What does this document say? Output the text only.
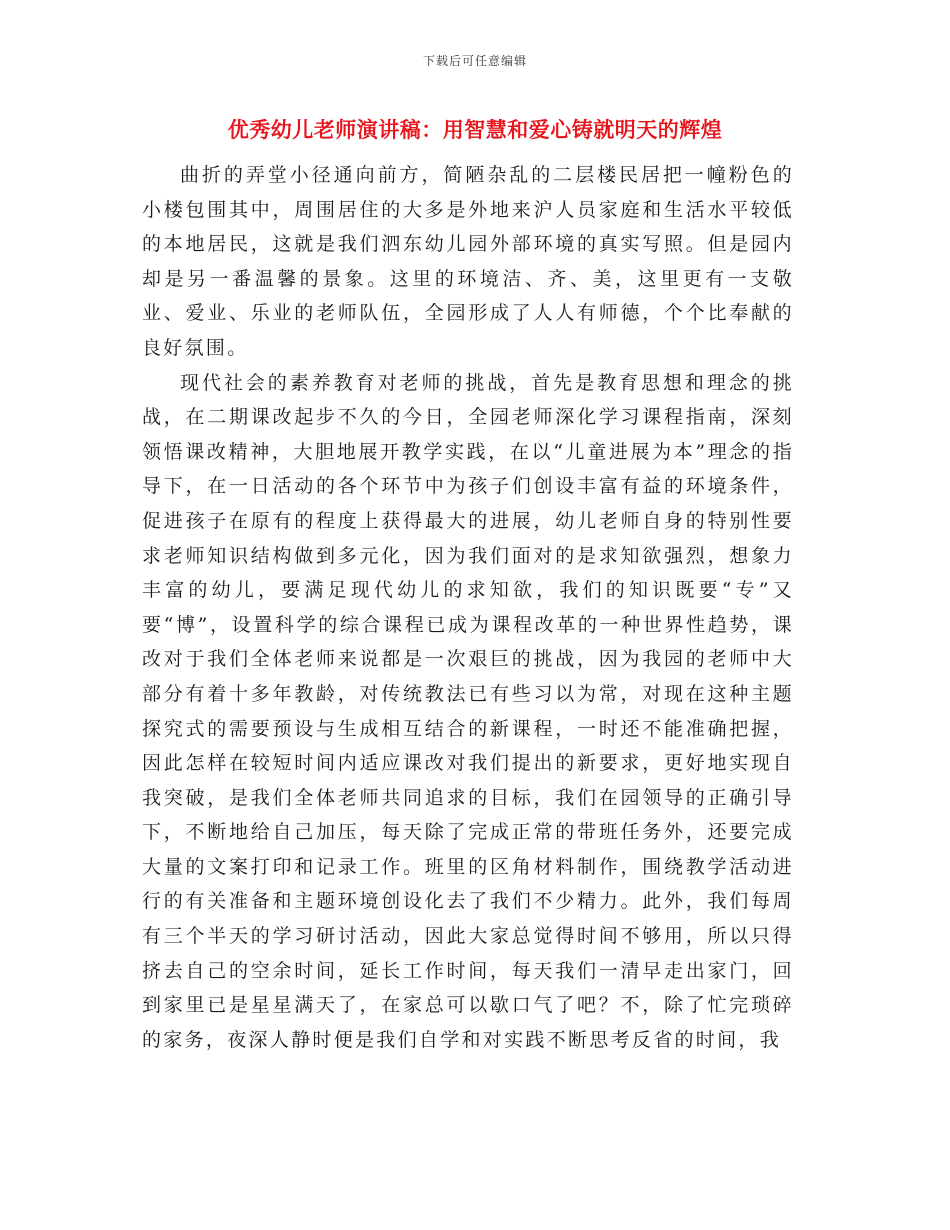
下载后可任意编辑
优秀幼儿老师演讲稿：用智慧和爱心铸就明天的辉煌

曲折的弄堂小径通向前方，简陋杂乱的二层楼民居把一幢粉色的小楼包围其中，周围居住的大多是外地来沪人员家庭和生活水平较低的本地居民，这就是我们泗东幼儿园外部环境的真实写照。但是园内却是另一番温馨的景象。这里的环境洁、齐、美，这里更有一支敬业、爱业、乐业的老师队伍，全园形成了人人有师德，个个比奉献的良好氛围。

现代社会的素养教育对老师的挑战，首先是教育思想和理念的挑战，在二期课改起步不久的今日，全园老师深化学习课程指南，深刻领悟课改精神，大胆地展开教学实践，在以“儿童进展为本”理念的指导下，在一日活动的各个环节中为孩子们创设丰富有益的环境条件，促进孩子在原有的程度上获得最大的进展，幼儿老师自身的特别性要求老师知识结构做到多元化，因为我们面对的是求知欲强烈，想象力丰富的幼儿，要满足现代幼儿的求知欲，我们的知识既要“专”又要“博”，设置科学的综合课程已成为课程改革的一种世界性趋势，课改对于我们全体老师来说都是一次艰巨的挑战，因为我园的老师中大部分有着十多年教龄，对传统教法已有些习以为常，对现在这种主题探究式的需要预设与生成相互结合的新课程，一时还不能准确把握，因此怎样在较短时间内适应课改对我们提出的新要求，更好地实现自我突破，是我们全体老师共同追求的目标，我们在园领导的正确引导下，不断地给自己加压，每天除了完成正常的带班任务外，还要完成大量的文案打印和记录工作。班里的区角材料制作，围绕教学活动进行的有关准备和主题环境创设化去了我们不少精力。此外，我们每周有三个半天的学习研讨活动，因此大家总觉得时间不够用，所以只得挤去自己的空余时间，延长工作时间，每天我们一清早走出家门，回到家里已是星星满天了，在家总可以歇口气了吧？不，除了忙完琐碎的家务，夜深人静时便是我们自学和对实践不断思考反省的时间，我
